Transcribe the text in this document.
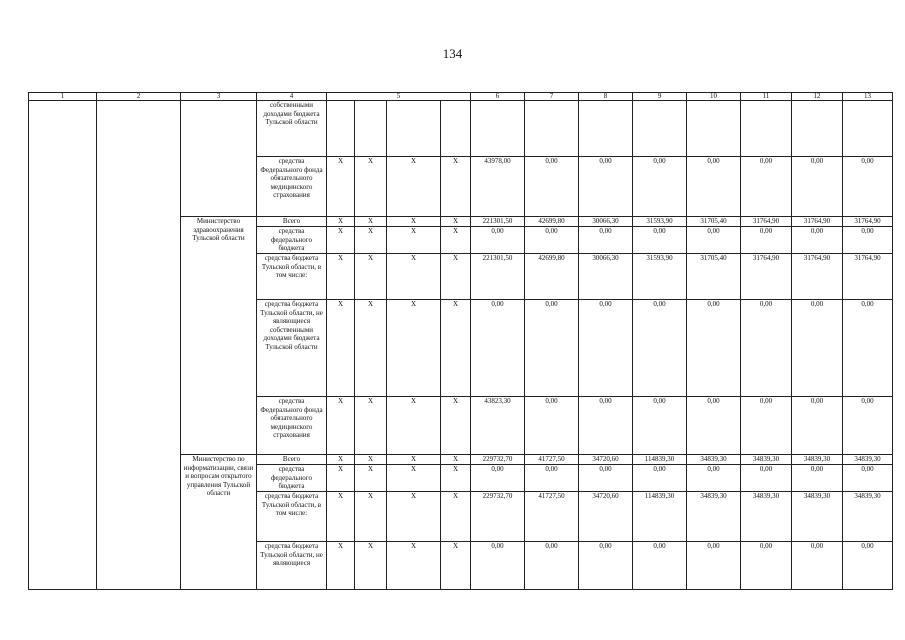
134
1	2	3	4	5				6	7	8	9	10	11	12	13
			собственными доходами бюджета Тульской области												
			средства Федерального фонда обязательного медицинского страхования	X	X	X	X	43978,00	0,00	0,00	0,00	0,00	0,00	0,00	0,00
		Министерство здравоохранения Тульской области	Всего	X	X	X	X	221301,50	42699,80	30066,30	31593,90	31705,40	31764,90	31764,90	31764,90
			средства федерального бюджета	X	X	X	X	0,00	0,00	0,00	0,00	0,00	0,00	0,00	0,00
			средства бюджета Тульской области, в том числе:	X	X	X	X	221301,50	42699,80	30066,30	31593,90	31705,40	31764,90	31764,90	31764,90
			средства бюджета Тульской области, не являющиеся собственными доходами бюджета Тульской области	X	X	X	X	0,00	0,00	0,00	0,00	0,00	0,00	0,00	0,00
			средства Федерального фонда обязательного медицинского страхования	X	X	X	X	43823,30	0,00	0,00	0,00	0,00	0,00	0,00	0,00
		Министерство по информатизации, связи и вопросам открытого управления Тульской области	Всего	X	X	X	X	229732,70	41727,50	34720,60	114839,30	34839,30	34839,30	34839,30	34839,30
			средства федерального бюджета	X	X	X	X	0,00	0,00	0,00	0,00	0,00	0,00	0,00	0,00
			средства бюджета Тульской области, в том числе:	X	X	X	X	229732,70	41727,50	34720,60	114839,30	34839,30	34839,30	34839,30	34839,30
			средства бюджета Тульской области, не являющиеся	X	X	X	X	0,00	0,00	0,00	0,00	0,00	0,00	0,00	0,00
